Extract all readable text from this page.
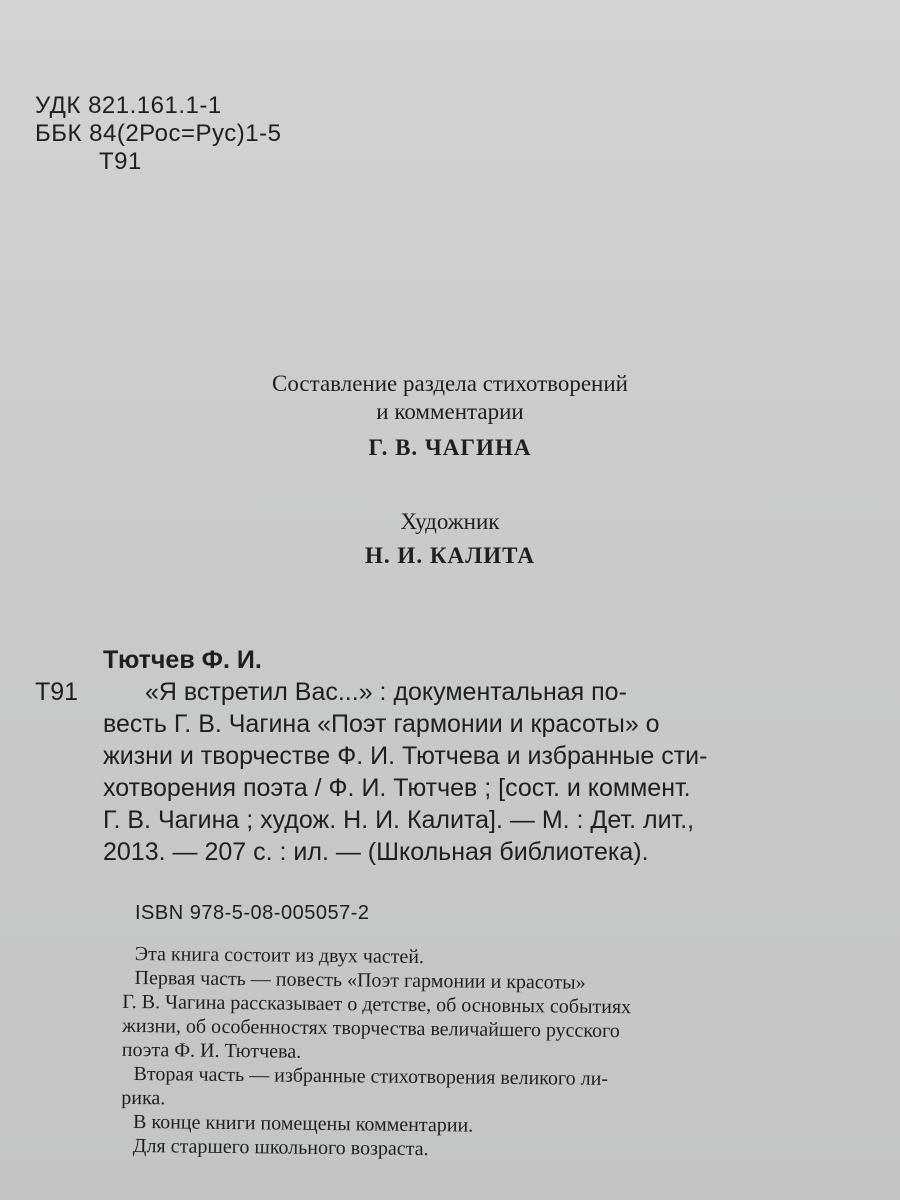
УДК 821.161.1-1
ББК 84(2Рос=Рус)1-5
Т91
Составление раздела стихотворений
и комментарии
Г. В. ЧАГИНА
Художник
Н. И. КАЛИТА
Тютчев Ф. И.
Т91	«Я встретил Вас...» : документальная по-
весть Г. В. Чагина «Поэт гармонии и красоты» о
жизни и творчестве Ф. И. Тютчева и избранные сти-
хотворения поэта / Ф. И. Тютчев ; [сост. и коммент.
Г. В. Чагина ; худож. Н. И. Калита]. — М. : Дет. лит.,
2013. — 207 с. : ил. — (Школьная библиотека).
ISBN 978-5-08-005057-2
Эта книга состоит из двух частей.
Первая часть — повесть «Поэт гармонии и красоты»
Г. В. Чагина рассказывает о детстве, об основных событиях
жизни, об особенностях творчества величайшего русского
поэта Ф. И. Тютчева.
Вторая часть — избранные стихотворения великого ли-
рика.
В конце книги помещены комментарии.
Для старшего школьного возраста.
